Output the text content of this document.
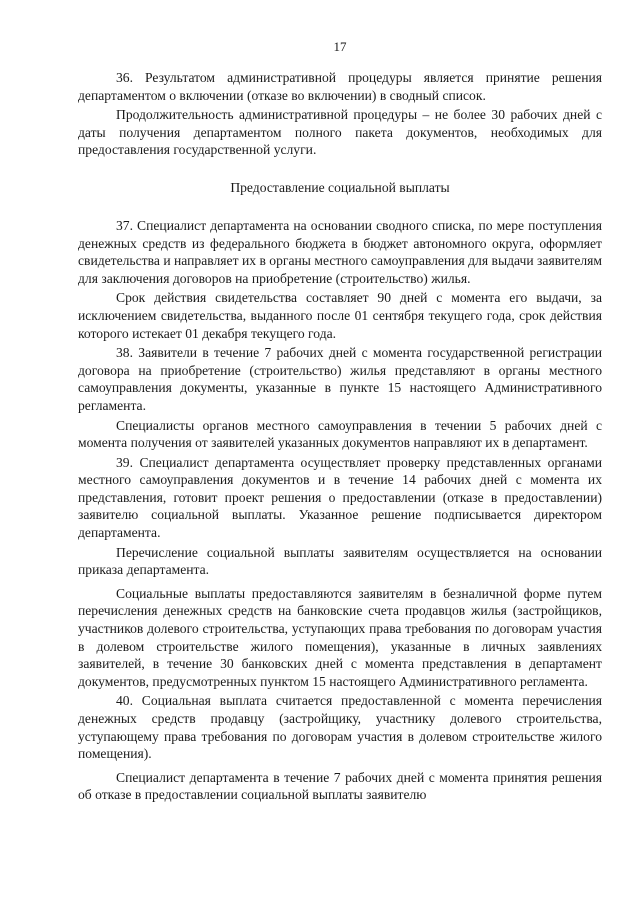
17

36. Результатом административной процедуры является принятие решения департаментом о включении (отказе во включении) в сводный список.

Продолжительность административной процедуры – не более 30 рабочих дней с даты получения департаментом полного пакета документов, необходимых для предоставления государственной услуги.

Предоставление социальной выплаты

37. Специалист департамента на основании сводного списка, по мере поступления денежных средств из федерального бюджета в бюджет автономного округа, оформляет свидетельства и направляет их в органы местного самоуправления для выдачи заявителям для заключения договоров на приобретение (строительство) жилья.

Срок действия свидетельства составляет 90 дней с момента его выдачи, за исключением свидетельства, выданного после 01 сентября текущего года, срок действия которого истекает 01 декабря текущего года.

38. Заявители в течение 7 рабочих дней с момента государственной регистрации договора на приобретение (строительство) жилья представляют в органы местного самоуправления документы, указанные в пункте 15 настоящего Административного регламента.

Специалисты органов местного самоуправления в течении 5 рабочих дней с момента получения от заявителей указанных документов направляют их в департамент.

39. Специалист департамента осуществляет проверку представленных органами местного самоуправления документов и в течение 14 рабочих дней с момента их представления, готовит проект решения о предоставлении (отказе в предоставлении) заявителю социальной выплаты. Указанное решение подписывается директором департамента.

Перечисление социальной выплаты заявителям осуществляется на основании приказа департамента.

Социальные выплаты предоставляются заявителям в безналичной форме путем перечисления денежных средств на банковские счета продавцов жилья (застройщиков, участников долевого строительства, уступающих права требования по договорам участия в долевом строительстве жилого помещения), указанные в личных заявлениях заявителей, в течение 30 банковских дней с момента представления в департамент документов, предусмотренных пунктом 15 настоящего Административного регламента.

40. Социальная выплата считается предоставленной с момента перечисления денежных средств продавцу (застройщику, участнику долевого строительства, уступающему права требования по договорам участия в долевом строительстве жилого помещения).

Специалист департамента в течение 7 рабочих дней с момента принятия решения об отказе в предоставлении социальной выплаты заявителю
